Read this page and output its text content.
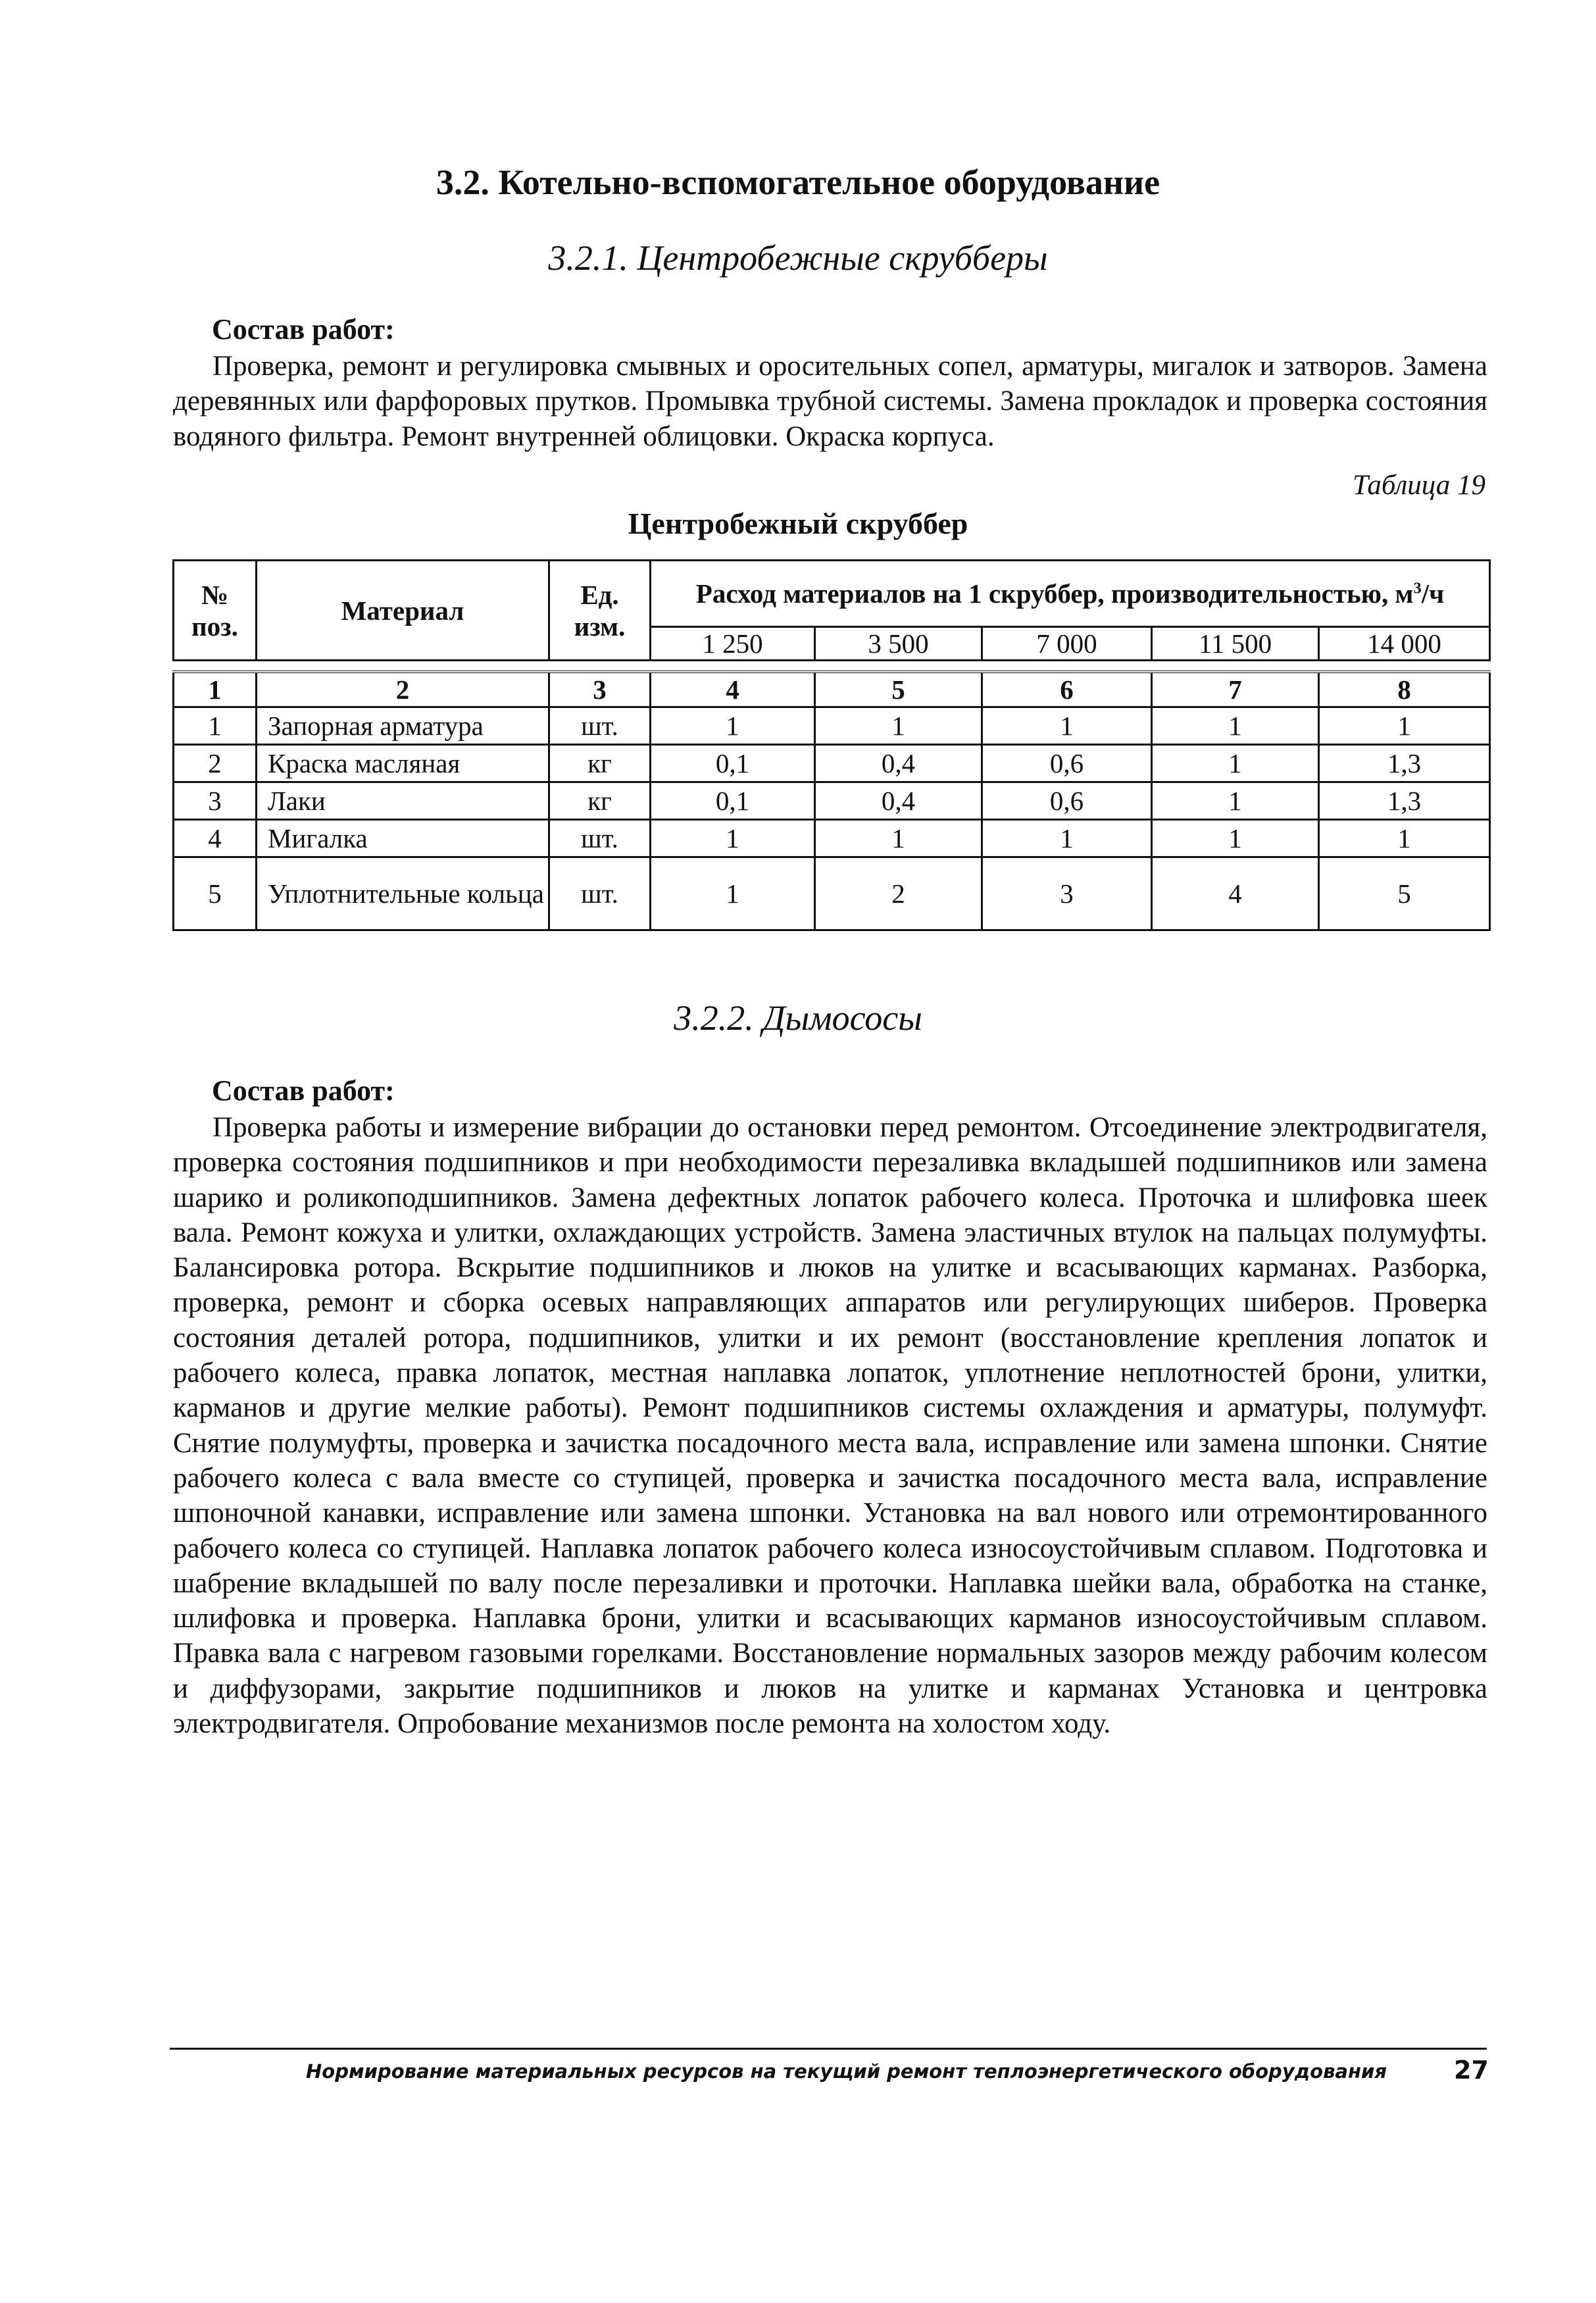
3.2. Котельно-вспомогательное оборудование
3.2.1. Центробежные скрубберы
Состав работ:

Проверка, ремонт и регулировка смывных и оросительных сопел, арматуры, мигалок и затворов. Замена деревянных или фарфоровых прутков. Промывка трубной системы. Замена прокладок и проверка состояния водяного фильтра. Ремонт внутренней облицовки. Окраска корпуса.

Таблица 19
Центробежный скруббер
№ поз.	Материал	Ед. изм.	Расход материалов на 1 скруббер, производительностью, $м^3/ч$				
			1 250	3 500	7 000	11 500	14 000

1	2	3	4	5	6	7	8
1	Запорная арматура	шт.	1	1	1	1	1
2	Краска масляная	кг	0,1	0,4	0,6	1	1,3
3	Лаки	кг	0,1	0,4	0,6	1	1,3
4	Мигалка	шт.	1	1	1	1	1
5	Уплотнительные кольца	шт.	1	2	3	4	5
3.2.2. Дымососы
Состав работ:

Проверка работы и измерение вибрации до остановки перед ремонтом. Отсоединение электродвигателя, проверка состояния подшипников и при необходимости перезаливка вкладышей подшипников или замена шарико и роликоподшипников. Замена дефектных лопаток рабочего колеса. Проточка и шлифовка шеек вала. Ремонт кожуха и улитки, охлаждающих устройств. Замена эластичных втулок на пальцах полумуфты. Балансировка ротора. Вскрытие подшипников и люков на улитке и всасывающих карманах. Разборка, проверка, ремонт и сборка осевых направляющих аппаратов или регулирующих шиберов. Проверка состояния деталей ротора, подшипников, улитки и их ремонт (восстановление крепления лопаток и рабочего колеса, правка лопаток, местная наплавка лопаток, уплотнение неплотностей брони, улитки, карманов и другие мелкие работы). Ремонт подшипников системы охлаждения и арматуры, полумуфт. Снятие полумуфты, проверка и зачистка посадочного места вала, исправление или замена шпонки. Снятие рабочего колеса с вала вместе со ступицей, проверка и зачистка посадочного места вала, исправление шпоночной канавки, исправление или замена шпонки. Установка на вал нового или отремонтированного рабочего колеса со ступицей. Наплавка лопаток рабочего колеса износоустойчивым сплавом. Подготовка и шабрение вкладышей по валу после перезаливки и проточки. Наплавка шейки вала, обработка на станке, шлифовка и проверка. Наплавка брони, улитки и всасывающих карманов износоустойчивым сплавом. Правка вала с нагревом газовыми горелками. Восстановление нормальных зазоров между рабочим колесом и диффузорами, закрытие подшипников и люков на улитке и карманах Установка и центровка электродвигателя. Опробование механизмов после ремонта на холостом ходу.

Нормирование материальных ресурсов на текущий ремонт теплоэнергетического оборудования	27
